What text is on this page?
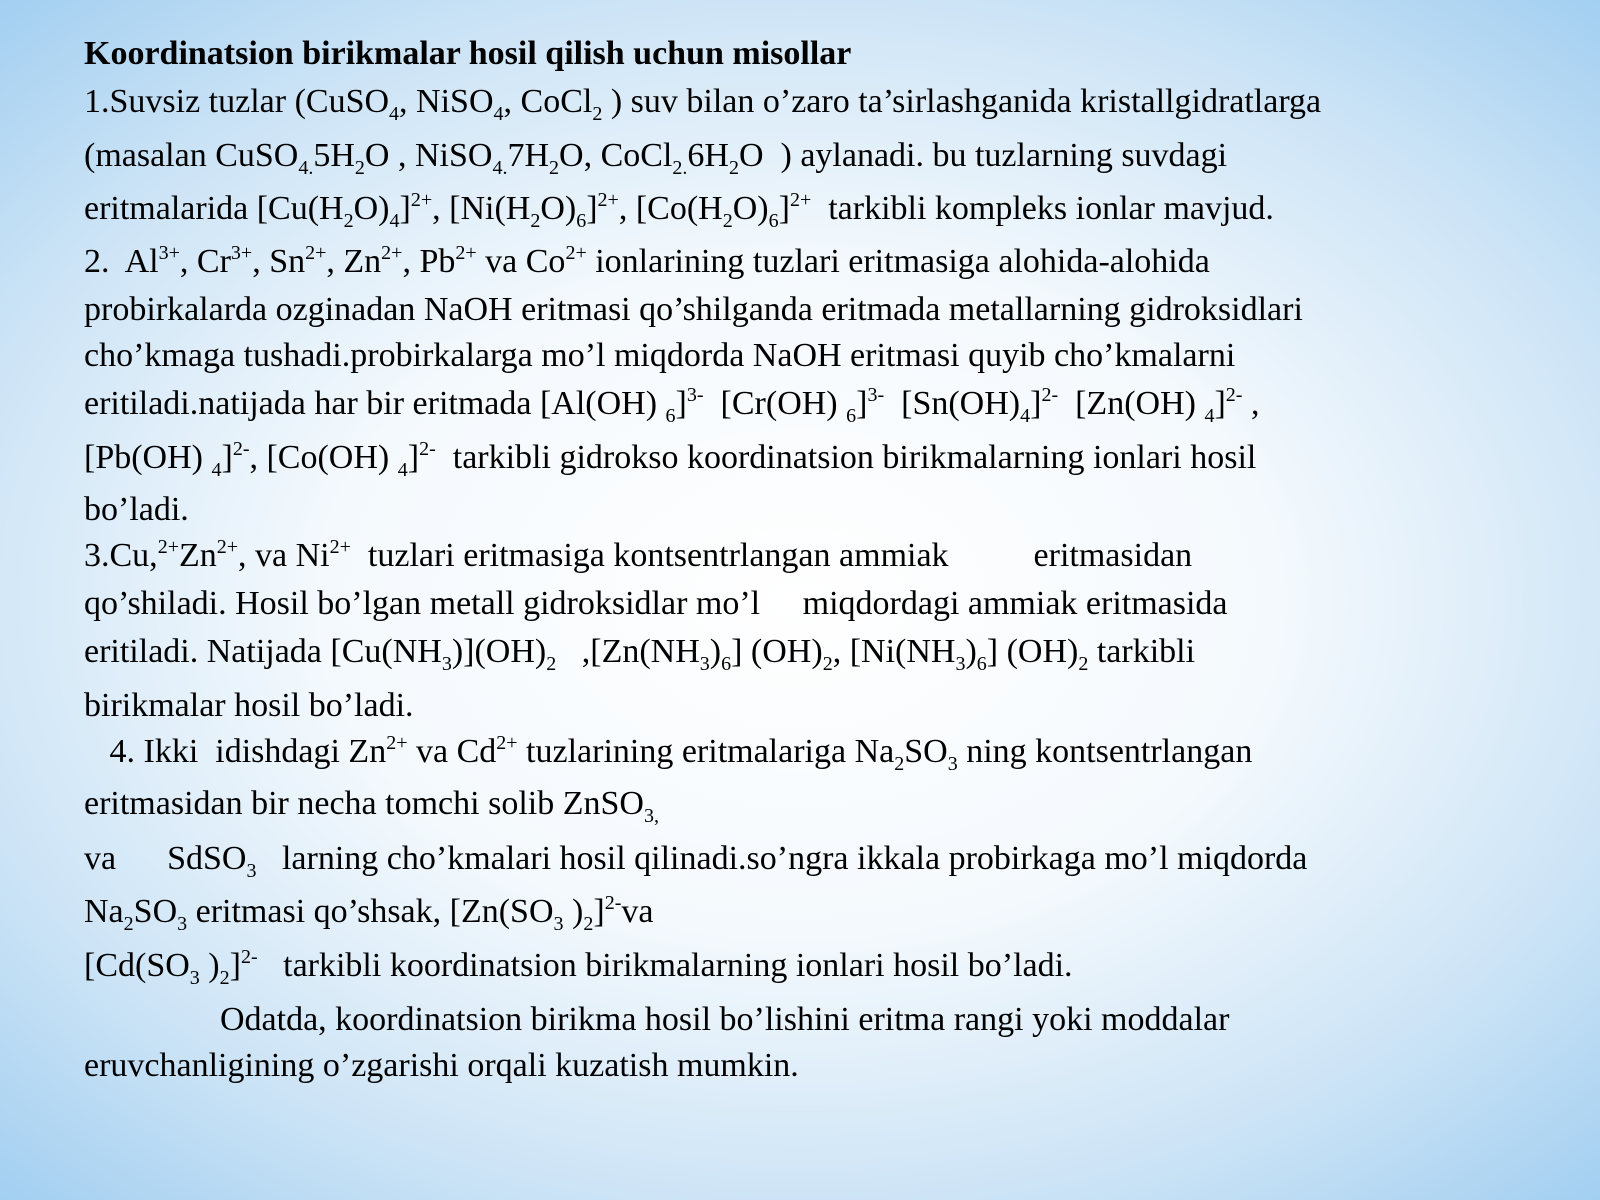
Koordinatsion birikmalar hosil qilish uchun misollar
1.Suvsiz tuzlar (CuSO$_4$, NiSO$_4$, CoCl$_2$ ) suv bilan o’zaro ta’sirlashganida kristallgidratlarga
(masalan $CuSO_{4.}5H_2O$ , $NiSO_{4.}7H_2O$, $CoCl_{2.}6H_2O$  ) aylanadi. bu tuzlarning suvdagi
eritmalarida $[Cu(H_2O)_4]^{2+}$, $[Ni(H_2O)_6]^{2+}$, $[Co(H_2O)_6]^{2+}$  tarkibli kompleks ionlar mavjud.
2.  $Al^{3+}$, $Cr^{3+}$, $Sn^{2+}$, $Zn^{2+}$, $Pb^{2+}$ va $Co^{2+}$ ionlarining tuzlari eritmasiga alohida-alohida
probirkalarda ozginadan NaOH eritmasi qo’shilganda eritmada metallarning gidroksidlari
cho’kmaga tushadi.probirkalarga mo’l miqdorda NaOH eritmasi quyib cho’kmalarni
eritiladi.natijada har bir eritmada [Al(OH) $_6$]$^{3-}$  [Cr(OH) $_6$]$^{3-}$  $[Sn(OH)_4]^{2-}$  [Zn(OH) $_4$]$^{2-}$ ,
[Pb(OH) $_4$]$^{2-}$, [Co(OH) $_4$]$^{2-}$  tarkibli gidrokso koordinatsion birikmalarning ionlari hosil
bo’ladi.
$3.Cu,^{2+}Zn^{2+}$, va $Ni^{2+}$  tuzlari eritmasiga kontsentrlangan ammiak          eritmasidan
qo’shiladi. Hosil bo’lgan metall gidroksidlar mo’l     miqdordagi ammiak eritmasida
eritiladi. Natijada $[Cu(NH_3)](OH)_2$   $,[Zn(NH_3)_6]$ $(OH)_2$, $[Ni(NH_3)_6]$ $(OH)_2$ tarkibli
birikmalar hosil bo’ladi.
4. Ikki  idishdagi $Zn^{2+}$ va $Cd^{2+}$ tuzlarining eritmalariga $Na_2SO_3$ ning kontsentrlangan
eritmasidan bir necha tomchi solib ZnSO$_{3,}$
va      SdSO$_3$   larning cho’kmalari hosil qilinadi.so’ngra ikkala probirkaga mo’l miqdorda
$Na_2SO_3$ eritmasi qo’shsak, [$Zn(SO_3$ )$_2]^{2-}va$
[$Cd(SO_3$ )$_2]^{2-}$   tarkibli koordinatsion birikmalarning ionlari hosil bo’ladi.
Odatda, koordinatsion birikma hosil bo’lishini eritma rangi yoki moddalar
eruvchanligining o’zgarishi orqali kuzatish mumkin.
